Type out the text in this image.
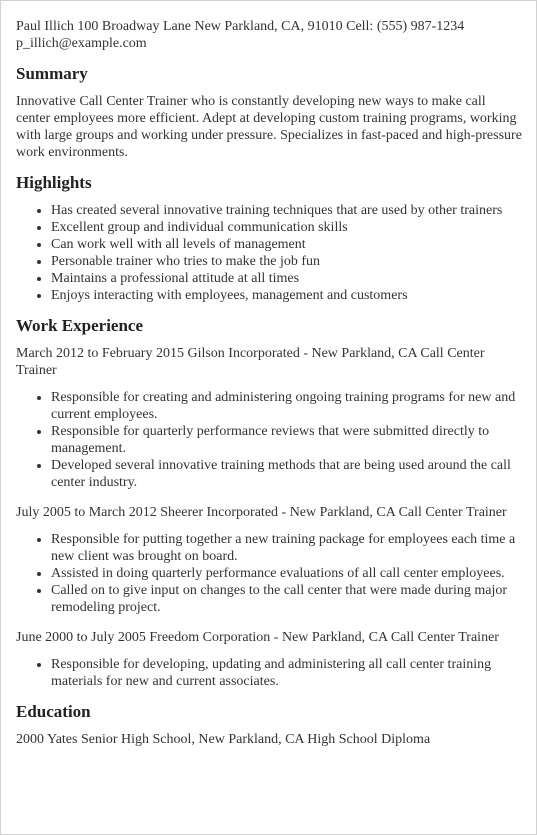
Paul Illich 100 Broadway Lane New Parkland, CA, 91010 Cell: (555) 987-1234

p_illich@example.com

Summary

Innovative Call Center Trainer who is constantly developing new ways to make call center employees more efficient. Adept at developing custom training programs, working with large groups and working under pressure. Specializes in fast-paced and high-pressure work environments.

Highlights
• Has created several innovative training techniques that are used by other trainers
• Excellent group and individual communication skills
• Can work well with all levels of management
• Personable trainer who tries to make the job fun
• Maintains a professional attitude at all times
• Enjoys interacting with employees, management and customers
Work Experience

March 2012 to February 2015 Gilson Incorporated - New Parkland, CA Call Center Trainer

• Responsible for creating and administering ongoing training programs for new and current employees.
• Responsible for quarterly performance reviews that were submitted directly to management.
• Developed several innovative training methods that are being used around the call center industry.

July 2005 to March 2012 Sheerer Incorporated - New Parkland, CA Call Center Trainer

• Responsible for putting together a new training package for employees each time a new client was brought on board.
• Assisted in doing quarterly performance evaluations of all call center employees.
• Called on to give input on changes to the call center that were made during major remodeling project.

June 2000 to July 2005 Freedom Corporation - New Parkland, CA Call Center Trainer

• Responsible for developing, updating and administering all call center training materials for new and current associates.
Education

2000 Yates Senior High School, New Parkland, CA High School Diploma
